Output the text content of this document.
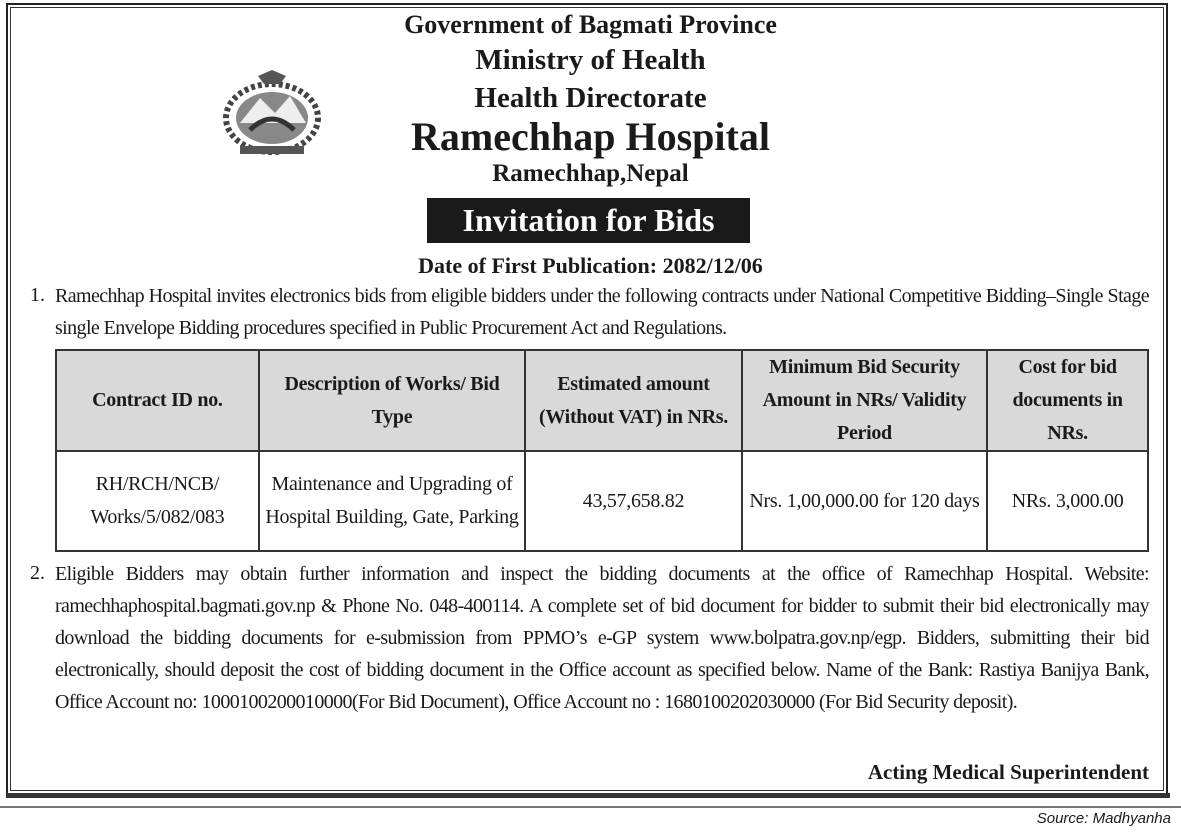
Government of Bagmati Province
Ministry of Health
Health Directorate
Ramechhap Hospital
Ramechhap,Nepal
Invitation for Bids
Date of First Publication: 2082/12/06
1. Ramechhap Hospital invites electronics bids from eligible bidders under the following contracts under National Competitive Bidding–Single Stage single Envelope Bidding procedures specified in Public Procurement Act and Regulations.
Contract ID no.	Description of Works/ Bid Type	Estimated amount (Without VAT) in NRs.	Minimum Bid Security Amount in NRs/ Validity Period	Cost for bid documents in NRs.
RH/RCH/NCB/ Works/5/082/083	Maintenance and Upgrading of Hospital Building, Gate, Parking	43,57,658.82	Nrs. 1,00,000.00 for 120 days	NRs. 3,000.00
2. Eligible Bidders may obtain further information and inspect the bidding documents at the office of Ramechhap Hospital. Website: ramechhaphospital.bagmati.gov.np & Phone No. 048-400114. A complete set of bid document for bidder to submit their bid electronically may download the bidding documents for e-submission from PPMO’s e-GP system www.bolpatra.gov.np/egp. Bidders, submitting their bid electronically, should deposit the cost of bidding document in the Office account as specified below. Name of the Bank: Rastiya Banijya Bank, Office Account no: 1000100200010000(For Bid Document), Office Account no : 1680100202030000 (For Bid Security deposit).
Acting Medical Superintendent
Source: Madhyanha
